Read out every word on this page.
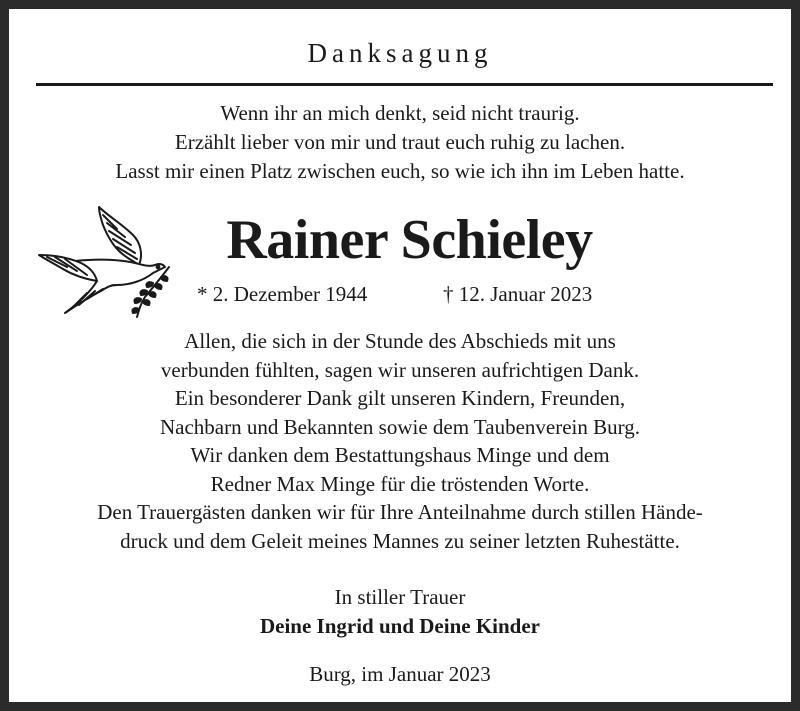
Danksagung
Wenn ihr an mich denkt, seid nicht traurig.
Erzählt lieber von mir und traut euch ruhig zu lachen.
Lasst mir einen Platz zwischen euch, so wie ich ihn im Leben hatte.
Rainer Schieley
* 2. Dezember 1944	† 12. Januar 2023
Allen, die sich in der Stunde des Abschieds mit uns
verbunden fühlten, sagen wir unseren aufrichtigen Dank.
Ein besonderer Dank gilt unseren Kindern, Freunden,
Nachbarn und Bekannten sowie dem Taubenverein Burg.
Wir danken dem Bestattungshaus Minge und dem
Redner Max Minge für die tröstenden Worte.
Den Trauergästen danken wir für Ihre Anteilnahme durch stillen Hände-
druck und dem Geleit meines Mannes zu seiner letzten Ruhestätte.
In stiller Trauer
Deine Ingrid und Deine Kinder
Burg, im Januar 2023
